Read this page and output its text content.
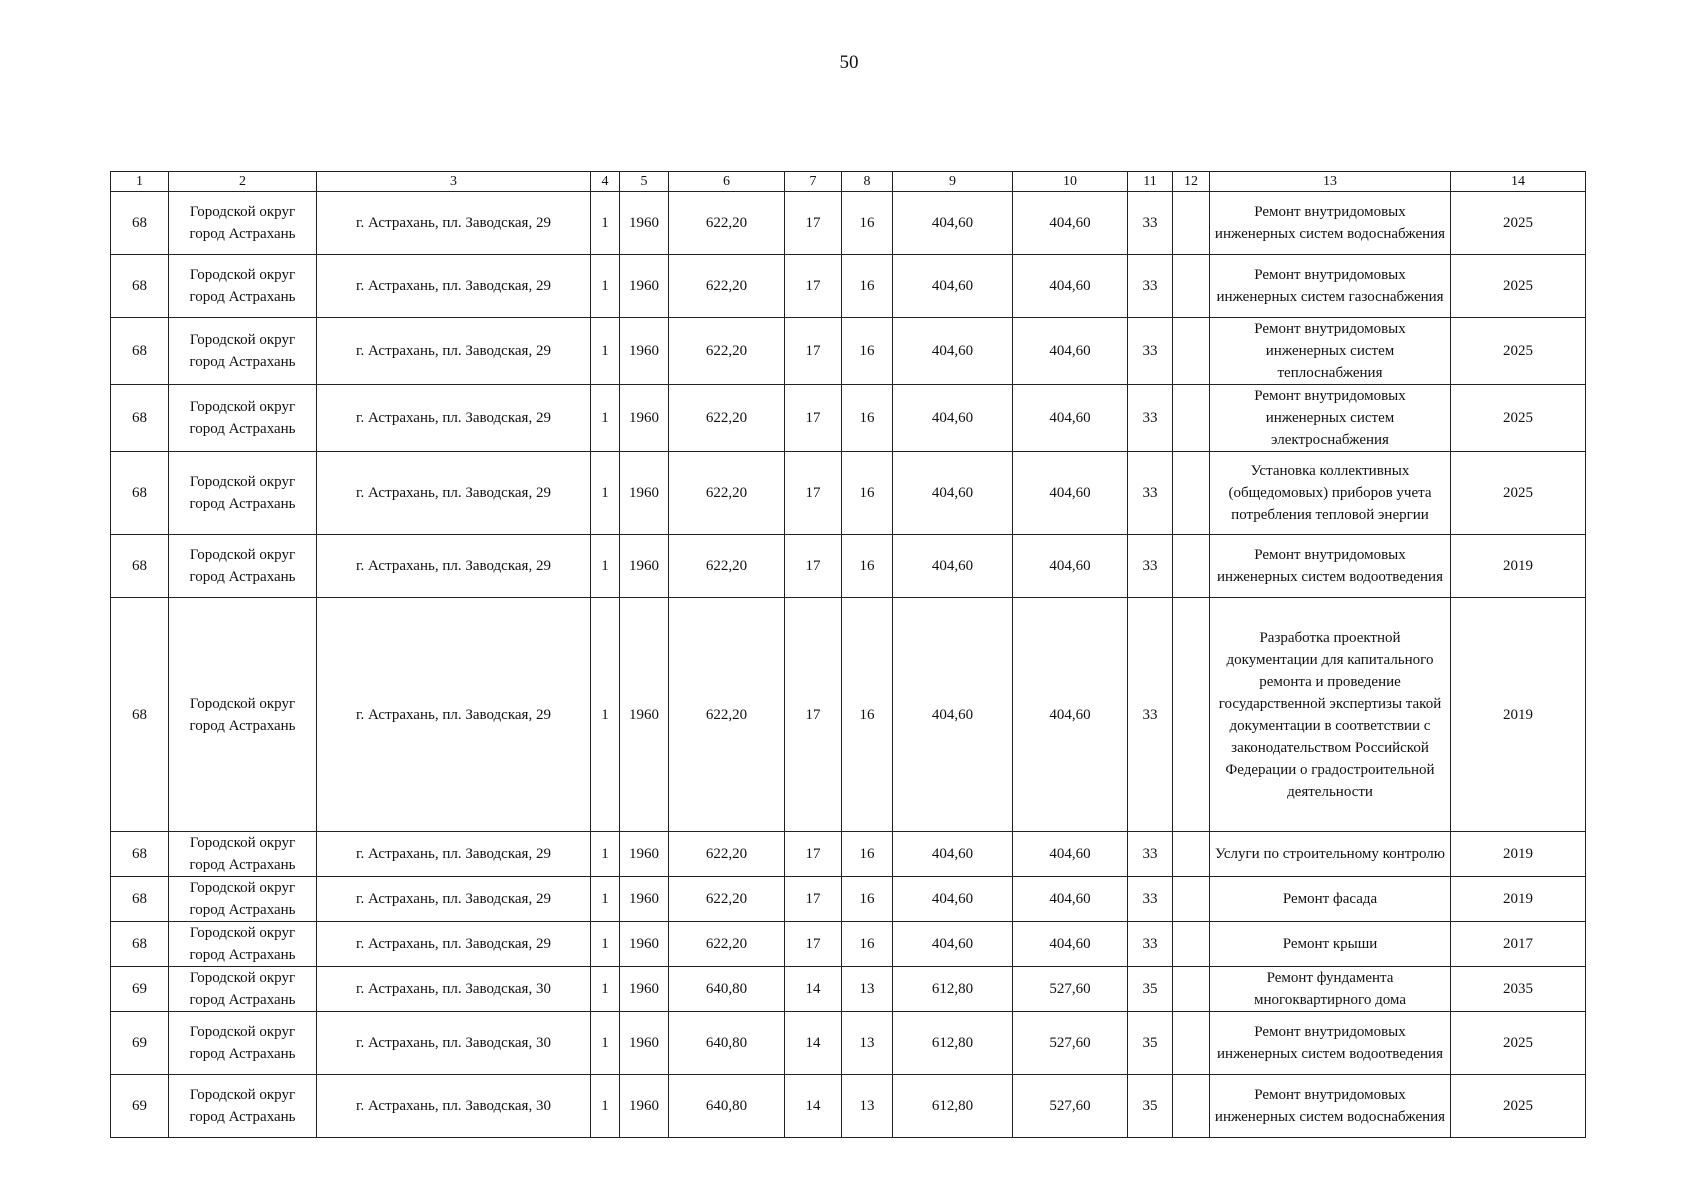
50
1	2	3	4	5	6	7	8	9	10	11	12	13	14
68	Городской округ город Астрахань	г. Астрахань, пл. Заводская, 29	1	1960	622,20	17	16	404,60	404,60	33		Ремонт внутридомовых инженерных систем водоснабжения	2025
68	Городской округ город Астрахань	г. Астрахань, пл. Заводская, 29	1	1960	622,20	17	16	404,60	404,60	33		Ремонт внутридомовых инженерных систем газоснабжения	2025
68	Городской округ город Астрахань	г. Астрахань, пл. Заводская, 29	1	1960	622,20	17	16	404,60	404,60	33		Ремонт внутридомовых инженерных систем теплоснабжения	2025
68	Городской округ город Астрахань	г. Астрахань, пл. Заводская, 29	1	1960	622,20	17	16	404,60	404,60	33		Ремонт внутридомовых инженерных систем электроснабжения	2025
68	Городской округ город Астрахань	г. Астрахань, пл. Заводская, 29	1	1960	622,20	17	16	404,60	404,60	33		Установка коллективных (общедомовых) приборов учета потребления тепловой энергии	2025
68	Городской округ город Астрахань	г. Астрахань, пл. Заводская, 29	1	1960	622,20	17	16	404,60	404,60	33		Ремонт внутридомовых инженерных систем водоотведения	2019
68	Городской округ город Астрахань	г. Астрахань, пл. Заводская, 29	1	1960	622,20	17	16	404,60	404,60	33		Разработка проектной документации для капитального ремонта и проведение государственной экспертизы такой документации в соответствии с законодательством Российской Федерации о градостроительной деятельности	2019
68	Городской округ город Астрахань	г. Астрахань, пл. Заводская, 29	1	1960	622,20	17	16	404,60	404,60	33		Услуги по строительному контролю	2019
68	Городской округ город Астрахань	г. Астрахань, пл. Заводская, 29	1	1960	622,20	17	16	404,60	404,60	33		Ремонт фасада	2019
68	Городской округ город Астрахань	г. Астрахань, пл. Заводская, 29	1	1960	622,20	17	16	404,60	404,60	33		Ремонт крыши	2017
69	Городской округ город Астрахань	г. Астрахань, пл. Заводская, 30	1	1960	640,80	14	13	612,80	527,60	35		Ремонт фундамента многоквартирного дома	2035
69	Городской округ город Астрахань	г. Астрахань, пл. Заводская, 30	1	1960	640,80	14	13	612,80	527,60	35		Ремонт внутридомовых инженерных систем водоотведения	2025
69	Городской округ город Астрахань	г. Астрахань, пл. Заводская, 30	1	1960	640,80	14	13	612,80	527,60	35		Ремонт внутридомовых инженерных систем водоснабжения	2025
